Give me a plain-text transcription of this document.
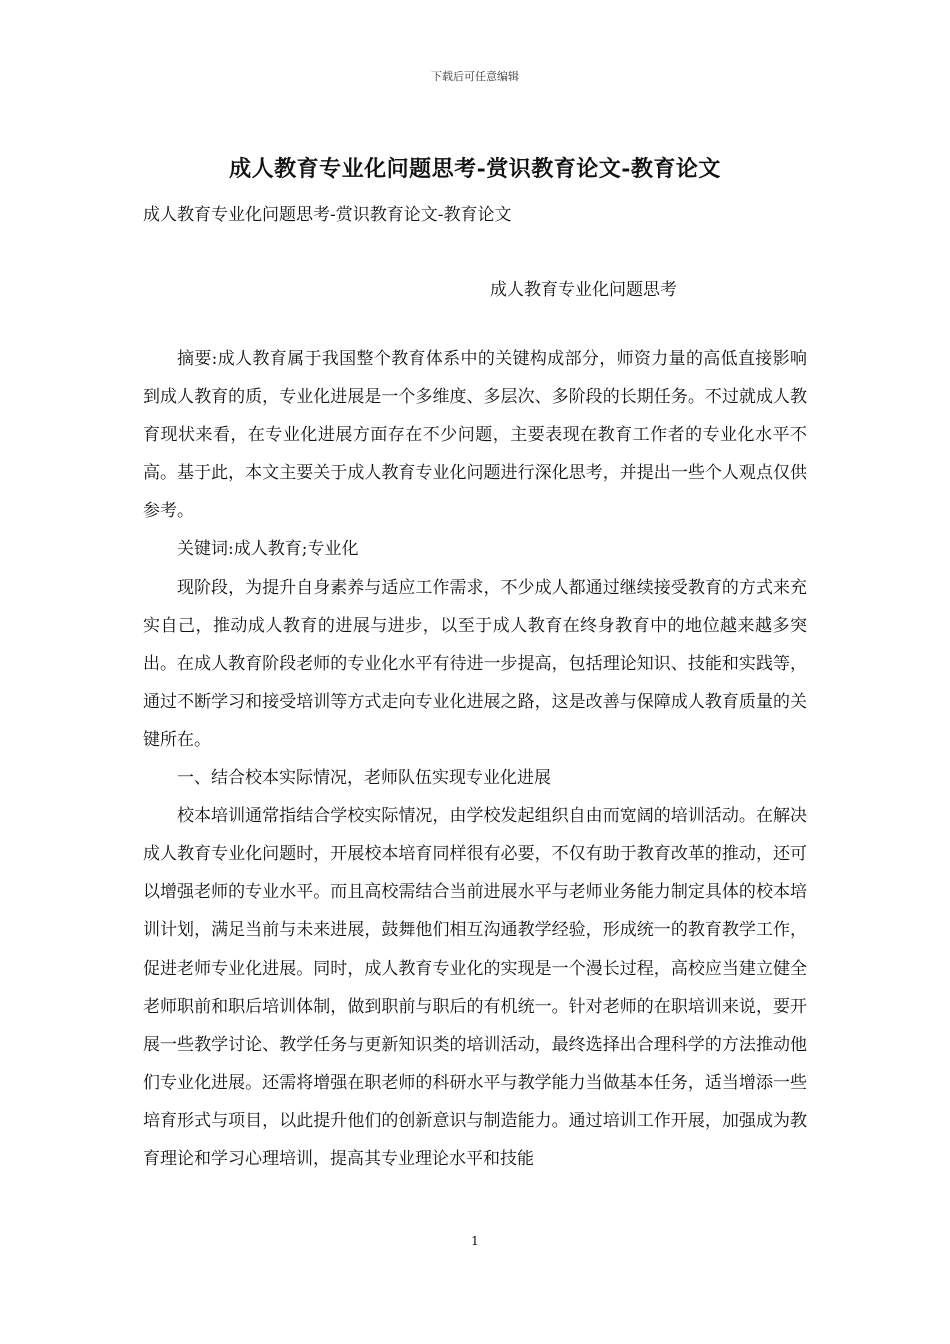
下载后可任意编辑
成人教育专业化问题思考-赏识教育论文-教育论文
成人教育专业化问题思考-赏识教育论文-教育论文
成人教育专业化问题思考

摘要:成人教育属于我国整个教育体系中的关键构成部分，师资力量的高低直接影响到成人教育的质，专业化进展是一个多维度、多层次、多阶段的长期任务。不过就成人教育现状来看，在专业化进展方面存在不少问题，主要表现在教育工作者的专业化水平不高。基于此，本文主要关于成人教育专业化问题进行深化思考，并提出一些个人观点仅供参考。

关键词:成人教育;专业化

现阶段，为提升自身素养与适应工作需求，不少成人都通过继续接受教育的方式来充实自己，推动成人教育的进展与进步，以至于成人教育在终身教育中的地位越来越多突出。在成人教育阶段老师的专业化水平有待进一步提高，包括理论知识、技能和实践等，通过不断学习和接受培训等方式走向专业化进展之路，这是改善与保障成人教育质量的关键所在。

一、结合校本实际情况，老师队伍实现专业化进展

校本培训通常指结合学校实际情况，由学校发起组织自由而宽阔的培训活动。在解决成人教育专业化问题时，开展校本培育同样很有必要，不仅有助于教育改革的推动，还可以增强老师的专业水平。而且高校需结合当前进展水平与老师业务能力制定具体的校本培训计划，满足当前与未来进展，鼓舞他们相互沟通教学经验，形成统一的教育教学工作，促进老师专业化进展。同时，成人教育专业化的实现是一个漫长过程，高校应当建立健全老师职前和职后培训体制，做到职前与职后的有机统一。针对老师的在职培训来说，要开展一些教学讨论、教学任务与更新知识类的培训活动，最终选择出合理科学的方法推动他们专业化进展。还需将增强在职老师的科研水平与教学能力当做基本任务，适当增添一些培育形式与项目，以此提升他们的创新意识与制造能力。通过培训工作开展，加强成为教育理论和学习心理培训，提高其专业理论水平和技能

1
